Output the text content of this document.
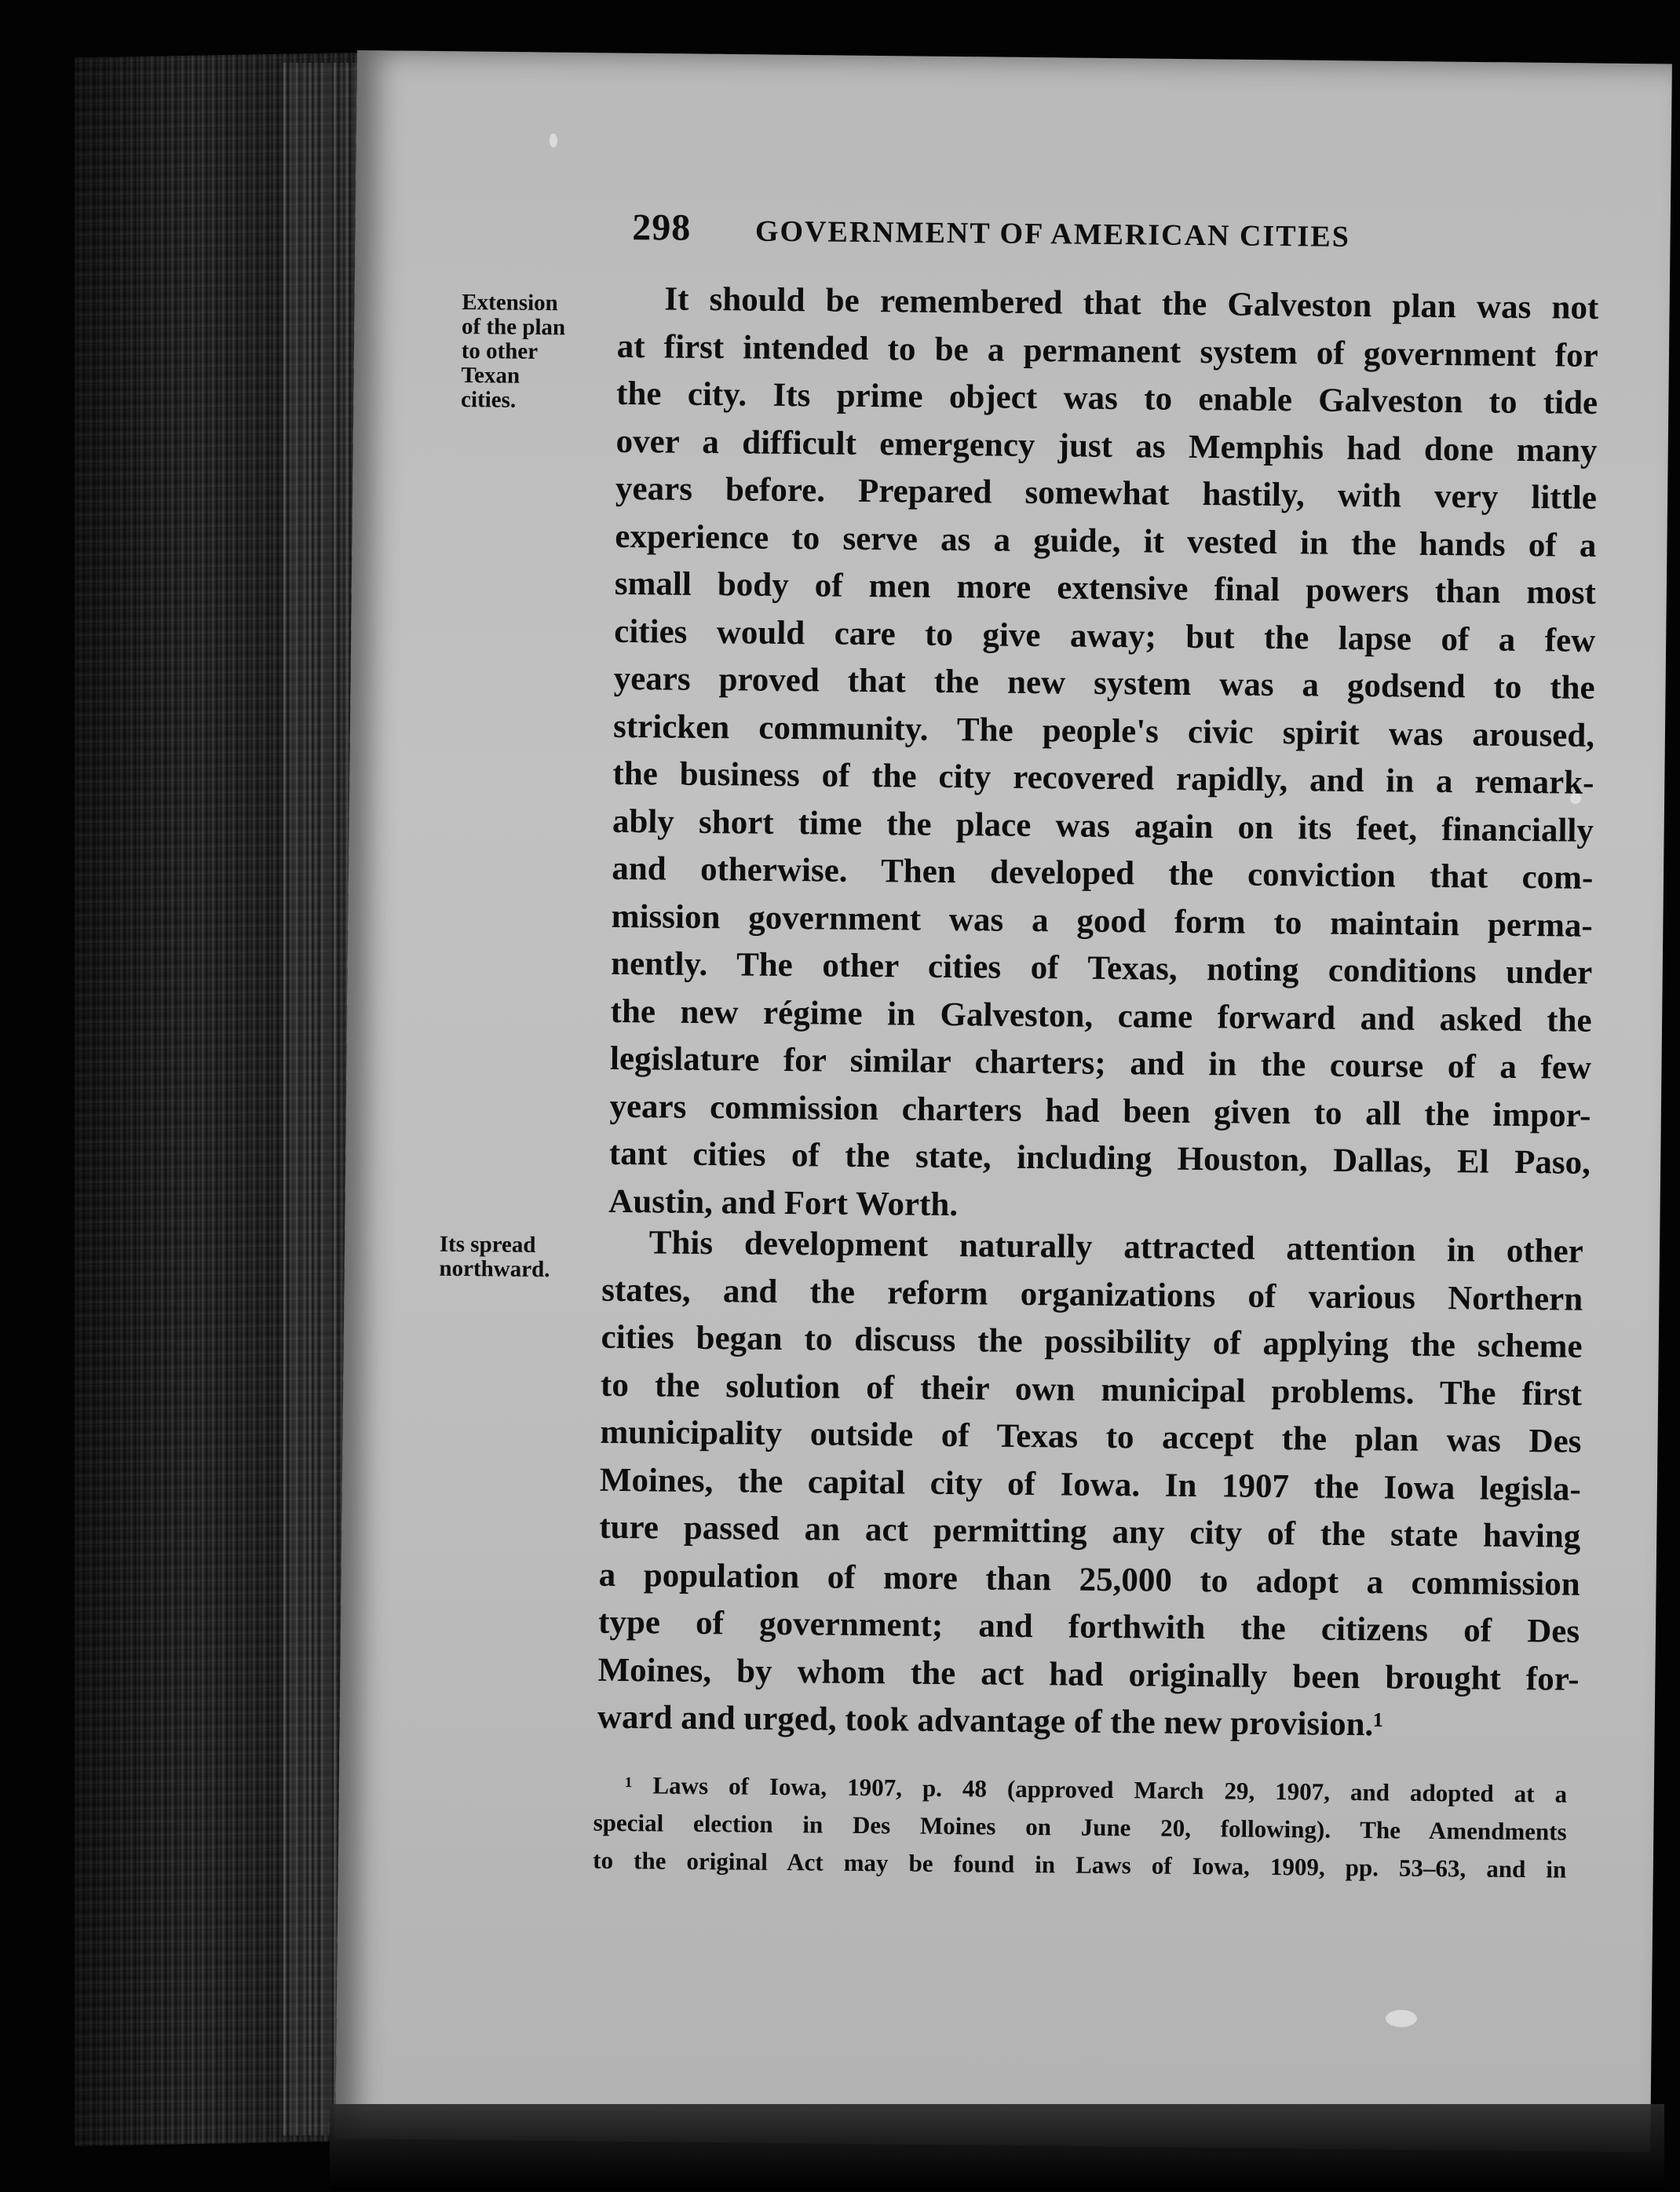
298 GOVERNMENT OF AMERICAN CITIES
Extension
of the plan
to other
Texan
cities.
Its spread
northward.
It should be remembered that the Galveston plan was not
at first intended to be a permanent system of government for
the city. Its prime object was to enable Galveston to tide
over a difficult emergency just as Memphis had done many
years before. Prepared somewhat hastily, with very little
experience to serve as a guide, it vested in the hands of a
small body of men more extensive final powers than most
cities would care to give away; but the lapse of a few
years proved that the new system was a godsend to the
stricken community. The people's civic spirit was aroused,
the business of the city recovered rapidly, and in a remark-
ably short time the place was again on its feet, financially
and otherwise. Then developed the conviction that com-
mission government was a good form to maintain perma-
nently. The other cities of Texas, noting conditions under
the new régime in Galveston, came forward and asked the
legislature for similar charters; and in the course of a few
years commission charters had been given to all the impor-
tant cities of the state, including Houston, Dallas, El Paso,
Austin, and Fort Worth.
This development naturally attracted attention in other
states, and the reform organizations of various Northern
cities began to discuss the possibility of applying the scheme
to the solution of their own municipal problems. The first
municipality outside of Texas to accept the plan was Des
Moines, the capital city of Iowa. In 1907 the Iowa legisla-
ture passed an act permitting any city of the state having
a population of more than 25,000 to adopt a commission
type of government; and forthwith the citizens of Des
Moines, by whom the act had originally been brought for-
ward and urged, took advantage of the new provision.¹
¹ Laws of Iowa, 1907, p. 48 (approved March 29, 1907, and adopted at a
special election in Des Moines on June 20, following). The Amendments
to the original Act may be found in Laws of Iowa, 1909, pp. 53–63, and in
